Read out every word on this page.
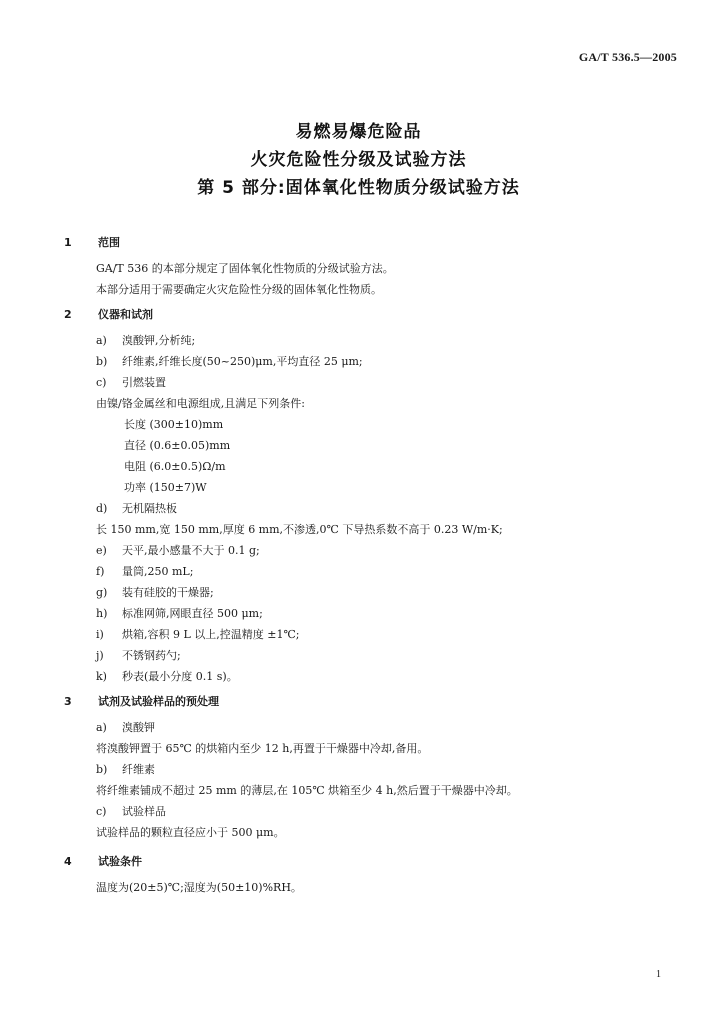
GA/T 536.5—2005
易燃易爆危险品
火灾危险性分级及试验方法
第 5 部分:固体氧化性物质分级试验方法
1 范围
GA/T 536 的本部分规定了固体氧化性物质的分级试验方法。
本部分适用于需要确定火灾危险性分级的固体氧化性物质。
2 仪器和试剂
a) 溴酸钾,分析纯;
b) 纤维素,纤维长度(50~250)μm,平均直径 25 μm;
c) 引燃装置
由镍/铬金属丝和电源组成,且满足下列条件:
长度 (300±10)mm
直径 (0.6±0.05)mm
电阻 (6.0±0.5)Ω/m
功率 (150±7)W
d) 无机隔热板
长 150 mm,宽 150 mm,厚度 6 mm,不渗透,0℃ 下导热系数不高于 0.23 W/m·K;
e) 天平,最小感量不大于 0.1 g;
f) 量筒,250 mL;
g) 装有硅胶的干燥器;
h) 标准网筛,网眼直径 500 μm;
i) 烘箱,容积 9 L 以上,控温精度 ±1℃;
j) 不锈钢药勺;
k) 秒表(最小分度 0.1 s)。
3 试剂及试验样品的预处理
a) 溴酸钾
将溴酸钾置于 65℃ 的烘箱内至少 12 h,再置于干燥器中冷却,备用。
b) 纤维素
将纤维素铺成不超过 25 mm 的薄层,在 105℃ 烘箱至少 4 h,然后置于干燥器中冷却。
c) 试验样品
试验样品的颗粒直径应小于 500 μm。
4 试验条件
温度为(20±5)℃;湿度为(50±10)%RH。
1
